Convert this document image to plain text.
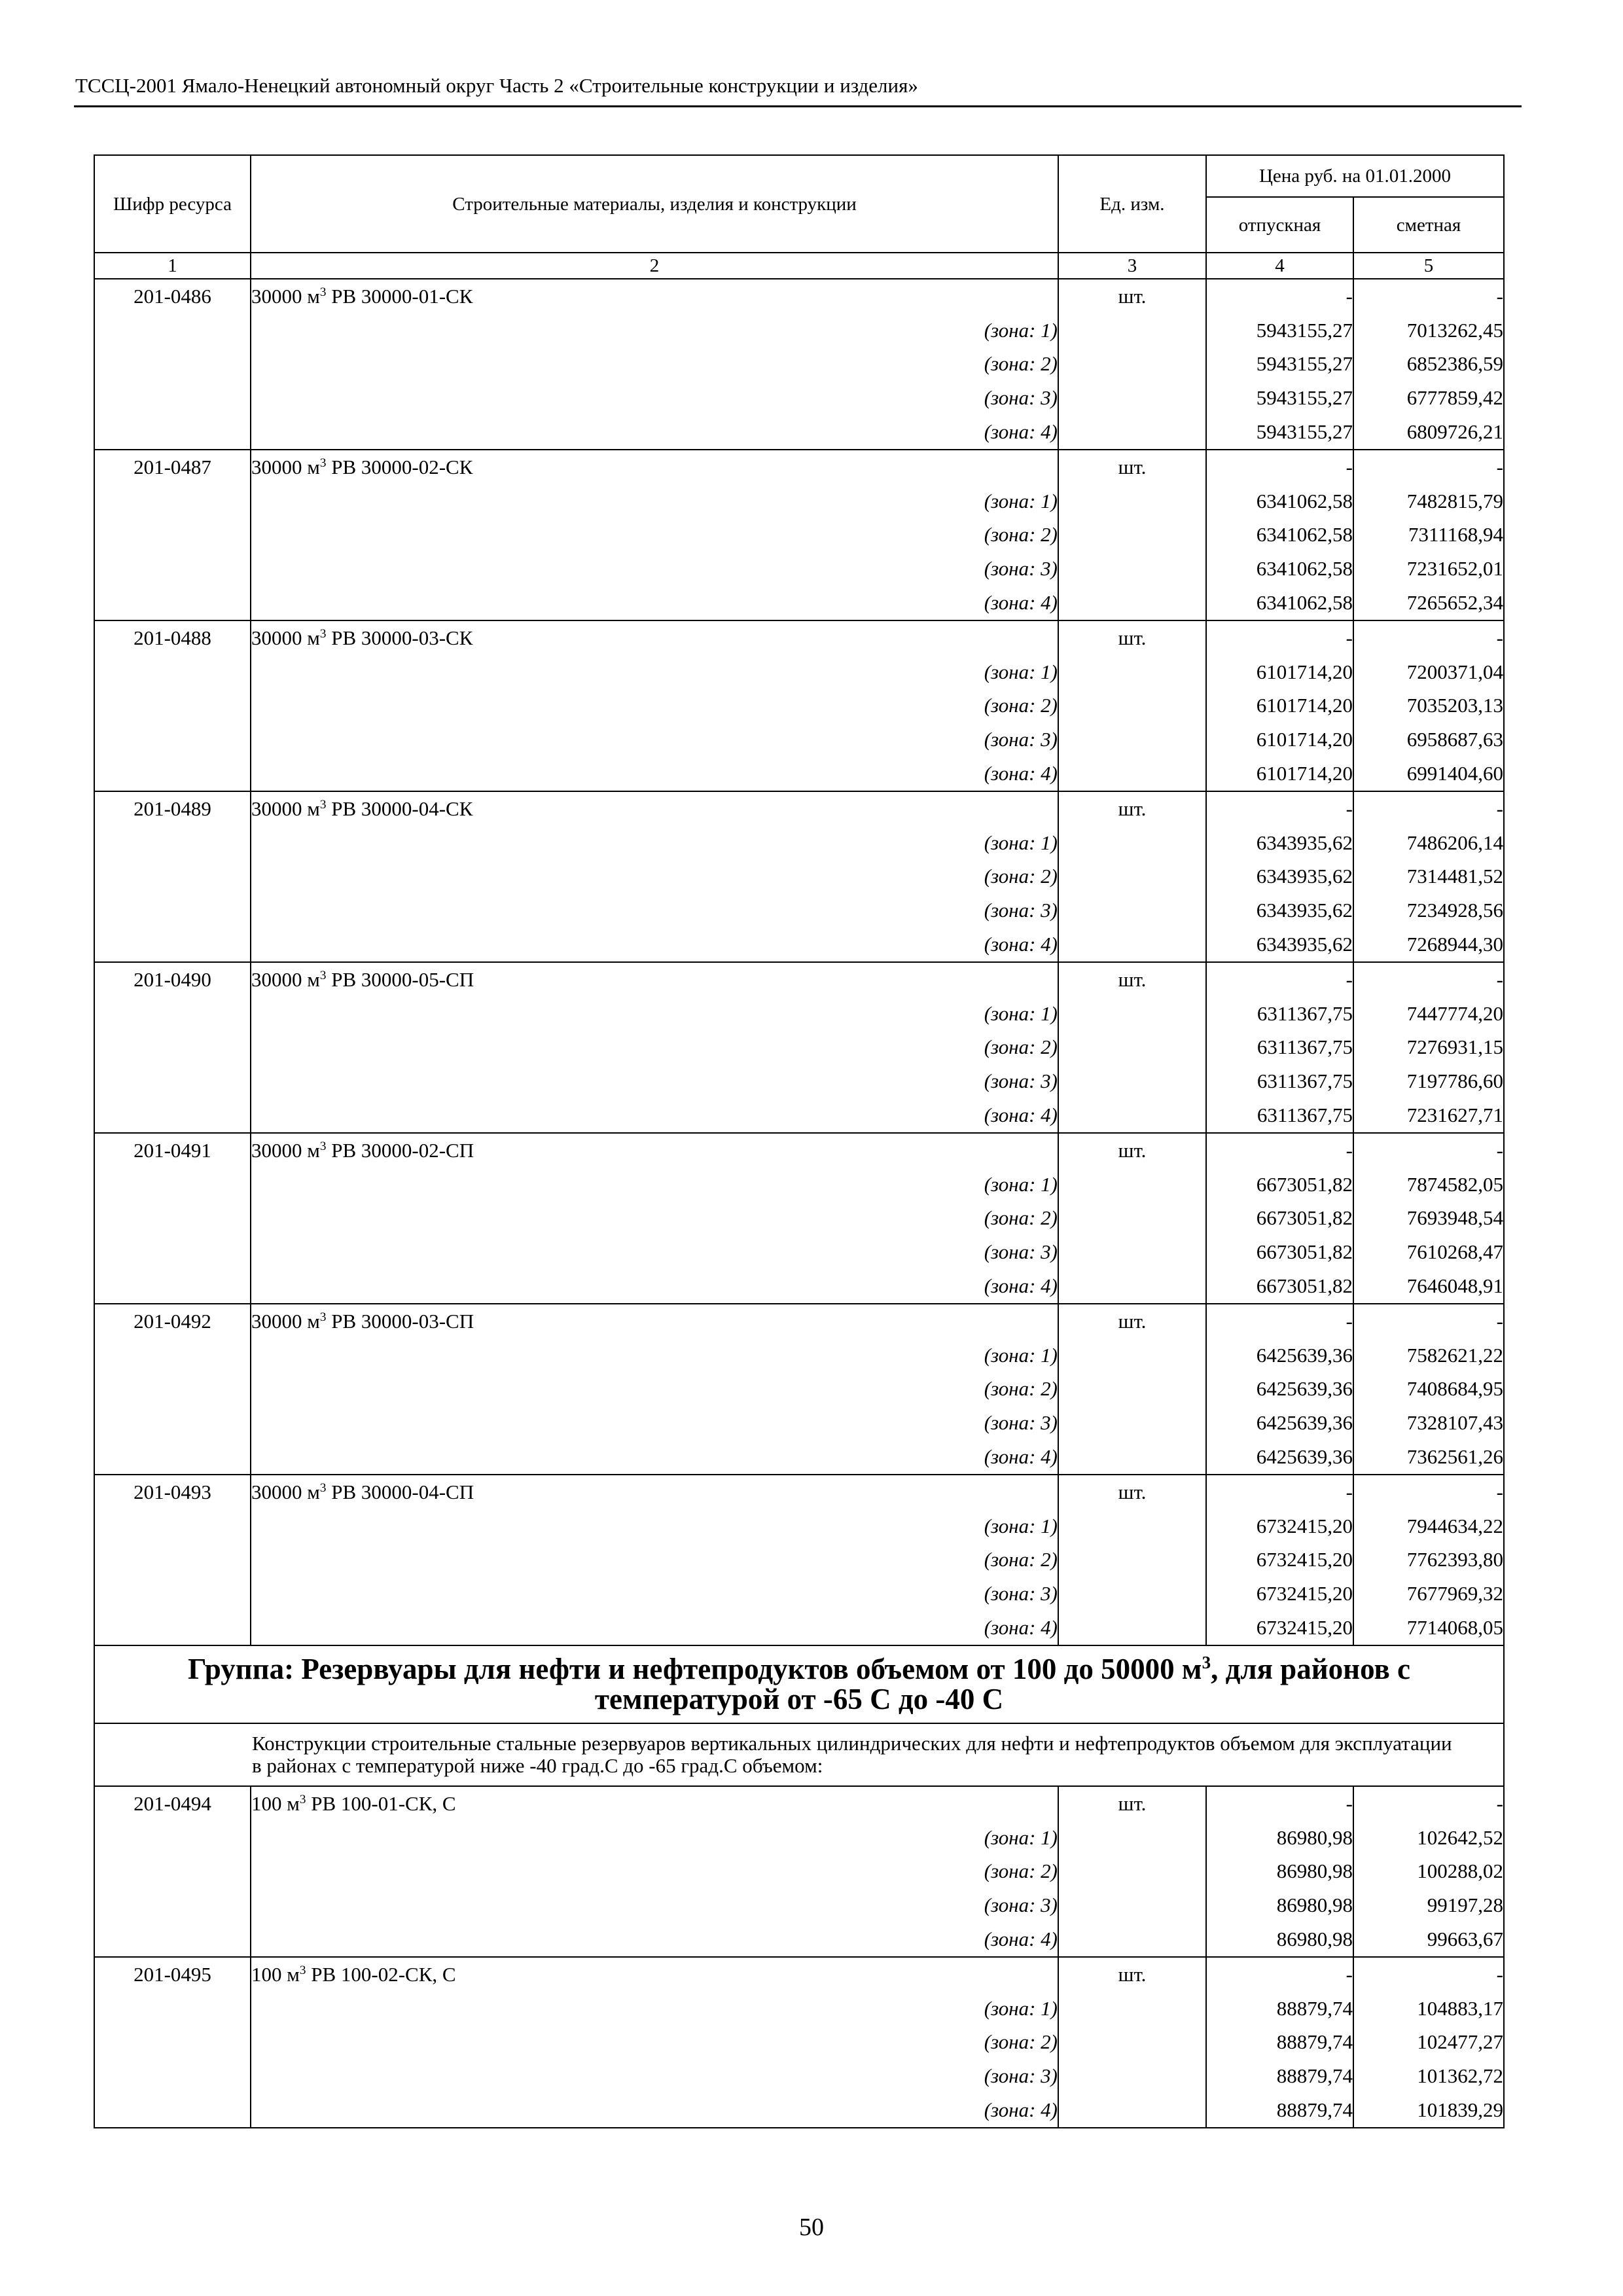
ТССЦ-2001 Ямало-Ненецкий автономный округ Часть 2 «Строительные конструкции и изделия»
Шифр ресурса	Строительные материалы, изделия и конструкции	Ед. изм.	Цена руб. на 01.01.2000	
			отпускная	сметная
1	2	3	4	5
201-0486	30000 $м^3$ РВ 30000-01-СК	шт.	-	-
	(зона: 1)		5943155,27	7013262,45
	(зона: 2)		5943155,27	6852386,59
	(зона: 3)		5943155,27	6777859,42
	(зона: 4)		5943155,27	6809726,21
201-0487	30000 $м^3$ РВ 30000-02-СК	шт.	-	-
	(зона: 1)		6341062,58	7482815,79
	(зона: 2)		6341062,58	7311168,94
	(зона: 3)		6341062,58	7231652,01
	(зона: 4)		6341062,58	7265652,34
201-0488	30000 $м^3$ РВ 30000-03-СК	шт.	-	-
	(зона: 1)		6101714,20	7200371,04
	(зона: 2)		6101714,20	7035203,13
	(зона: 3)		6101714,20	6958687,63
	(зона: 4)		6101714,20	6991404,60
201-0489	30000 $м^3$ РВ 30000-04-СК	шт.	-	-
	(зона: 1)		6343935,62	7486206,14
	(зона: 2)		6343935,62	7314481,52
	(зона: 3)		6343935,62	7234928,56
	(зона: 4)		6343935,62	7268944,30
201-0490	30000 $м^3$ РВ 30000-05-СП	шт.	-	-
	(зона: 1)		6311367,75	7447774,20
	(зона: 2)		6311367,75	7276931,15
	(зона: 3)		6311367,75	7197786,60
	(зона: 4)		6311367,75	7231627,71
201-0491	30000 $м^3$ РВ 30000-02-СП	шт.	-	-
	(зона: 1)		6673051,82	7874582,05
	(зона: 2)		6673051,82	7693948,54
	(зона: 3)		6673051,82	7610268,47
	(зона: 4)		6673051,82	7646048,91
201-0492	30000 $м^3$ РВ 30000-03-СП	шт.	-	-
	(зона: 1)		6425639,36	7582621,22
	(зона: 2)		6425639,36	7408684,95
	(зона: 3)		6425639,36	7328107,43
	(зона: 4)		6425639,36	7362561,26
201-0493	30000 $м^3$ РВ 30000-04-СП	шт.	-	-
	(зона: 1)		6732415,20	7944634,22
	(зона: 2)		6732415,20	7762393,80
	(зона: 3)		6732415,20	7677969,32
	(зона: 4)		6732415,20	7714068,05
Группа: Резервуары для нефти и нефтепродуктов объемом от 100 до 50000 $м^3$, для районов с температурой от -65 С до -40 С				

Конструкции строительные стальные резервуаров вертикальных цилиндрических для нефти и нефтепродуктов объемом для эксплуатации в районах с температурой ниже -40 град.С до -65 град.С объемом:				

201-0494	100 $м^3$ РВ 100-01-СК, С	шт.	-	-
	(зона: 1)		86980,98	102642,52
	(зона: 2)		86980,98	100288,02
	(зона: 3)		86980,98	99197,28
	(зона: 4)		86980,98	99663,67
201-0495	100 $м^3$ РВ 100-02-СК, С	шт.	-	-
	(зона: 1)		88879,74	104883,17
	(зона: 2)		88879,74	102477,27
	(зона: 3)		88879,74	101362,72
	(зона: 4)		88879,74	101839,29
50
